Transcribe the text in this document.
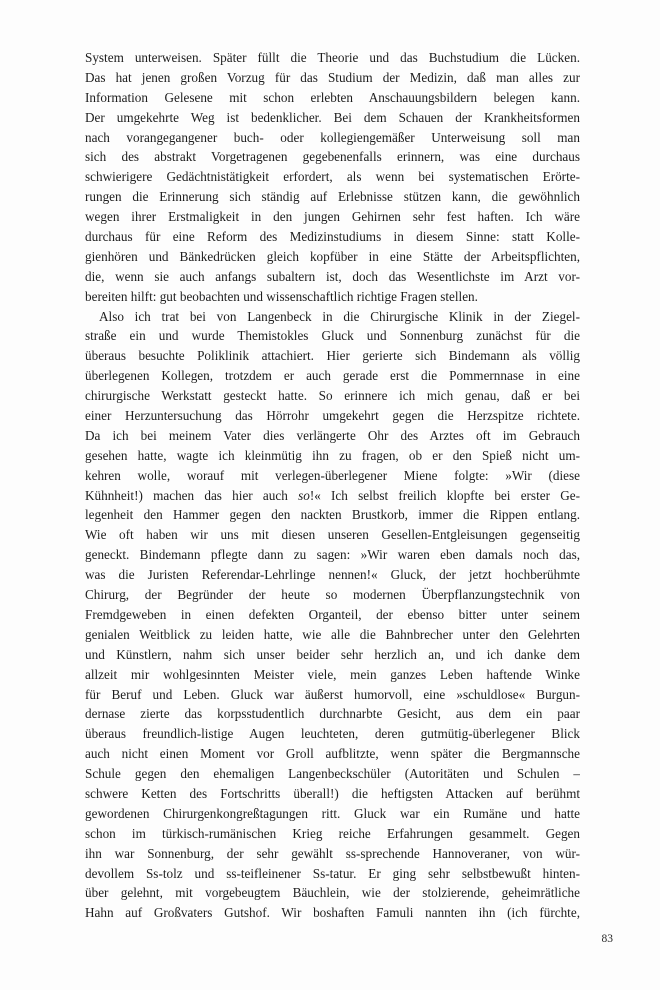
System unterweisen. Später füllt die Theorie und das Buchstudium die Lücken.
Das hat jenen großen Vorzug für das Studium der Medizin, daß man alles zur
Information Gelesene mit schon erlebten Anschauungsbildern belegen kann.
Der umgekehrte Weg ist bedenklicher. Bei dem Schauen der Krankheitsformen
nach vorangegangener buch- oder kollegiengemäßer Unterweisung soll man
sich des abstrakt Vorgetragenen gegebenenfalls erinnern, was eine durchaus
schwierigere Gedächtnistätigkeit erfordert, als wenn bei systematischen Erörte-
rungen die Erinnerung sich ständig auf Erlebnisse stützen kann, die gewöhnlich
wegen ihrer Erstmaligkeit in den jungen Gehirnen sehr fest haften. Ich wäre
durchaus für eine Reform des Medizinstudiums in diesem Sinne: statt Kolle-
gienhören und Bänkedrücken gleich kopfüber in eine Stätte der Arbeitspflichten,
die, wenn sie auch anfangs subaltern ist, doch das Wesentlichste im Arzt vor-
bereiten hilft: gut beobachten und wissenschaftlich richtige Fragen stellen.
Also ich trat bei von Langenbeck in die Chirurgische Klinik in der Ziegel-
straße ein und wurde Themistokles Gluck und Sonnenburg zunächst für die
überaus besuchte Poliklinik attachiert. Hier gerierte sich Bindemann als völlig
überlegenen Kollegen, trotzdem er auch gerade erst die Pommernnase in eine
chirurgische Werkstatt gesteckt hatte. So erinnere ich mich genau, daß er bei
einer Herzuntersuchung das Hörrohr umgekehrt gegen die Herzspitze richtete.
Da ich bei meinem Vater dies verlängerte Ohr des Arztes oft im Gebrauch
gesehen hatte, wagte ich kleinmütig ihn zu fragen, ob er den Spieß nicht um-
kehren wolle, worauf mit verlegen-überlegener Miene folgte: »Wir (diese
Kühnheit!) machen das hier auch so!« Ich selbst freilich klopfte bei erster Ge-
legenheit den Hammer gegen den nackten Brustkorb, immer die Rippen entlang.
Wie oft haben wir uns mit diesen unseren Gesellen-Entgleisungen gegenseitig
geneckt. Bindemann pflegte dann zu sagen: »Wir waren eben damals noch das,
was die Juristen Referendar-Lehrlinge nennen!« Gluck, der jetzt hochberühmte
Chirurg, der Begründer der heute so modernen Überpflanzungstechnik von
Fremdgeweben in einen defekten Organteil, der ebenso bitter unter seinem
genialen Weitblick zu leiden hatte, wie alle die Bahnbrecher unter den Gelehrten
und Künstlern, nahm sich unser beider sehr herzlich an, und ich danke dem
allzeit mir wohlgesinnten Meister viele, mein ganzes Leben haftende Winke
für Beruf und Leben. Gluck war äußerst humorvoll, eine »schuldlose« Burgun-
dernase zierte das korpsstudentlich durchnarbte Gesicht, aus dem ein paar
überaus freundlich-listige Augen leuchteten, deren gutmütig-überlegener Blick
auch nicht einen Moment vor Groll aufblitzte, wenn später die Bergmannsche
Schule gegen den ehemaligen Langenbeckschüler (Autoritäten und Schulen –
schwere Ketten des Fortschritts überall!) die heftigsten Attacken auf berühmt
gewordenen Chirurgenkongreßtagungen ritt. Gluck war ein Rumäne und hatte
schon im türkisch-rumänischen Krieg reiche Erfahrungen gesammelt. Gegen
ihn war Sonnenburg, der sehr gewählt ss-sprechende Hannoveraner, von wür-
devollem Ss-tolz und ss-teifleinener Ss-tatur. Er ging sehr selbstbewußt hinten-
über gelehnt, mit vorgebeugtem Bäuchlein, wie der stolzierende, geheimrätliche
Hahn auf Großvaters Gutshof. Wir boshaften Famuli nannten ihn (ich fürchte,
83
